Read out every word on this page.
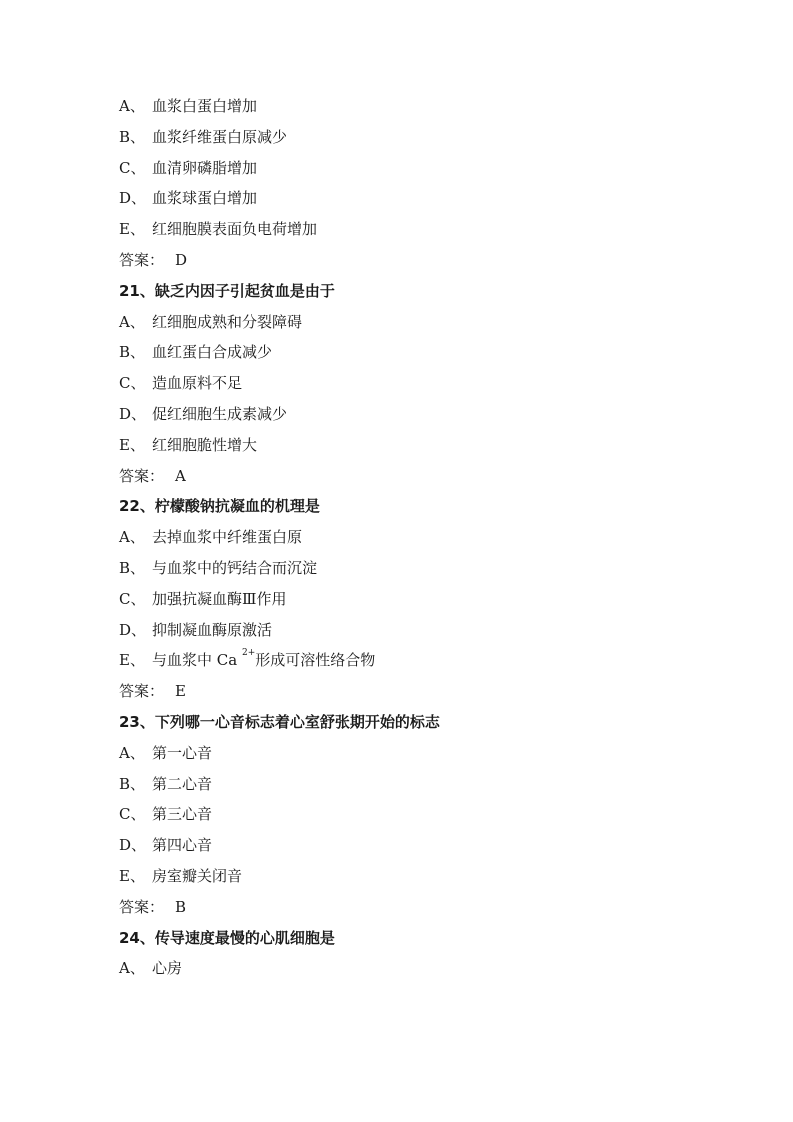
A、 血浆白蛋白增加
B、 血浆纤维蛋白原减少
C、 血清卵磷脂增加
D、 血浆球蛋白增加
E、 红细胞膜表面负电荷增加
答案： D
21、缺乏内因子引起贫血是由于
A、 红细胞成熟和分裂障碍
B、 血红蛋白合成减少
C、 造血原料不足
D、 促红细胞生成素减少
E、 红细胞脆性增大
答案： A
22、柠檬酸钠抗凝血的机理是
A、 去掉血浆中纤维蛋白原
B、 与血浆中的钙结合而沉淀
C、 加强抗凝血酶Ⅲ作用
D、 抑制凝血酶原激活
E、 与血浆中 Ca $^{2+}$形成可溶性络合物
答案： E
23、下列哪一心音标志着心室舒张期开始的标志
A、 第一心音
B、 第二心音
C、 第三心音
D、 第四心音
E、 房室瓣关闭音
答案： B
24、传导速度最慢的心肌细胞是
A、 心房
